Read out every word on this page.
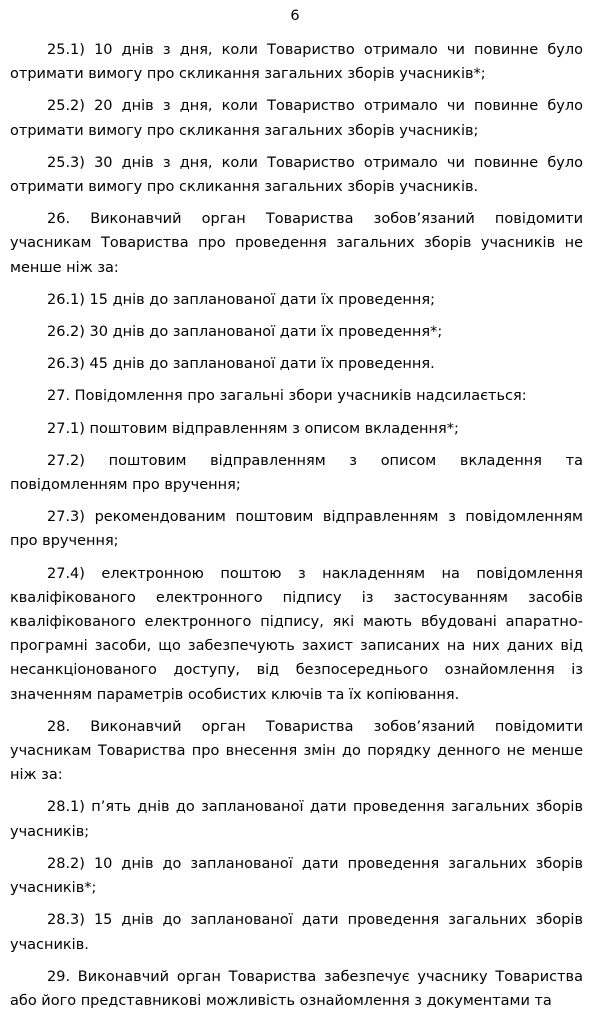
6

25.1) 10 днів з дня, коли Товариство отримало чи повинне було отримати вимогу про скликання загальних зборів учасників*;

25.2) 20 днів з дня, коли Товариство отримало чи повинне було отримати вимогу про скликання загальних зборів учасників;

25.3) 30 днів з дня, коли Товариство отримало чи повинне було отримати вимогу про скликання загальних зборів учасників.

26. Виконавчий орган Товариства зобов’язаний повідомити учасникам Товариства про проведення загальних зборів учасників не менше ніж за:

26.1) 15 днів до запланованої дати їх проведення;

26.2) 30 днів до запланованої дати їх проведення*;

26.3) 45 днів до запланованої дати їх проведення.

27. Повідомлення про загальні збори учасників надсилається:

27.1) поштовим відправленням з описом вкладення*;

27.2) поштовим відправленням з описом вкладення та повідомленням про вручення;

27.3) рекомендованим поштовим відправленням з повідомленням про вручення;

27.4) електронною поштою з накладенням на повідомлення кваліфікованого електронного підпису із застосуванням засобів кваліфікованого електронного підпису, які мають вбудовані апаратно-програмні засоби, що забезпечують захист записаних на них даних від несанкціонованого доступу, від безпосереднього ознайомлення із значенням параметрів особистих ключів та їх копіювання.

28. Виконавчий орган Товариства зобов’язаний повідомити учасникам Товариства про внесення змін до порядку денного не менше ніж за:

28.1) п’ять днів до запланованої дати проведення загальних зборів учасників;

28.2) 10 днів до запланованої дати проведення загальних зборів учасників*;

28.3) 15 днів до запланованої дати проведення загальних зборів учасників.

29. Виконавчий орган Товариства забезпечує учаснику Товариства або його представникові можливість ознайомлення з документами та
